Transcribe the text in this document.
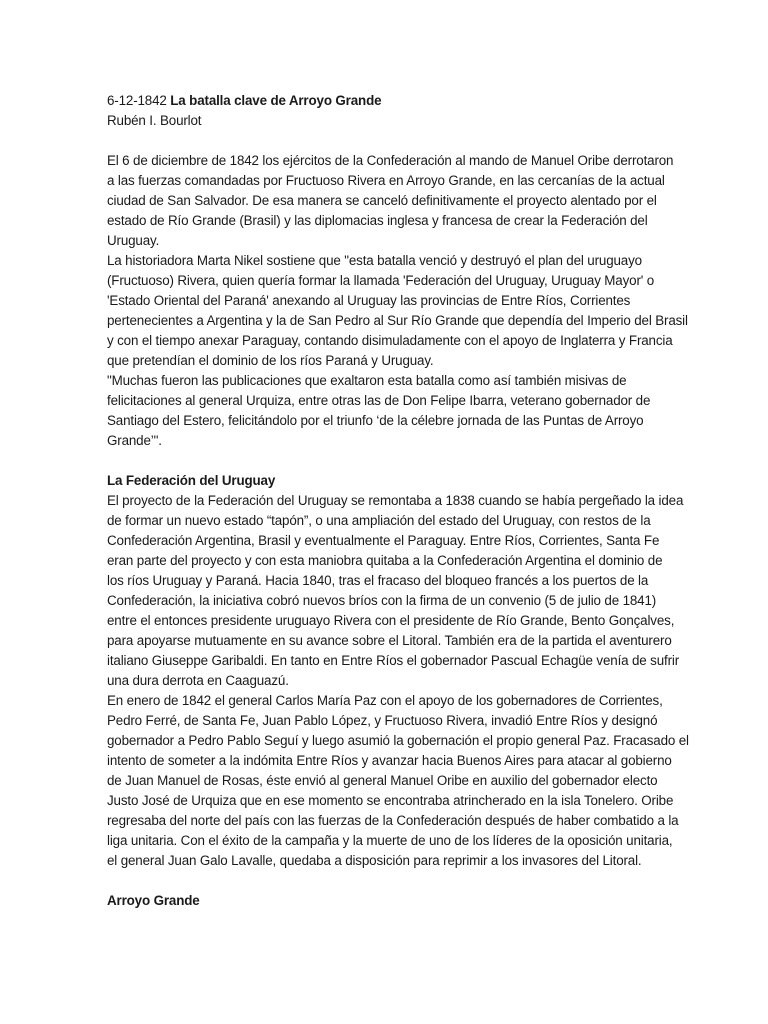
6-12-1842 La batalla clave de Arroyo Grande
Rubén I. Bourlot
El 6 de diciembre de 1842 los ejércitos de la Confederación al mando de Manuel Oribe derrotaron
a las fuerzas comandadas por Fructuoso Rivera en Arroyo Grande, en las cercanías de la actual
ciudad de San Salvador. De esa manera se canceló definitivamente el proyecto alentado por el
estado de Río Grande (Brasil) y las diplomacias inglesa y francesa de crear la Federación del
Uruguay.
La historiadora Marta Nikel sostiene que "esta batalla venció y destruyó el plan del uruguayo
(Fructuoso) Rivera, quien quería formar la llamada 'Federación del Uruguay, Uruguay Mayor' o
'Estado Oriental del Paraná' anexando al Uruguay las provincias de Entre Ríos, Corrientes
pertenecientes a Argentina y la de San Pedro al Sur Río Grande que dependía del Imperio del Brasil
y con el tiempo anexar Paraguay, contando disimuladamente con el apoyo de Inglaterra y Francia
que pretendían el dominio de los ríos Paraná y Uruguay.
"Muchas fueron las publicaciones que exaltaron esta batalla como así también misivas de
felicitaciones al general Urquiza, entre otras las de Don Felipe Ibarra, veterano gobernador de
Santiago del Estero, felicitándolo por el triunfo ‘de la célebre jornada de las Puntas de Arroyo
Grande’".
La Federación del Uruguay
El proyecto de la Federación del Uruguay se remontaba a 1838 cuando se había pergeñado la idea
de formar un nuevo estado “tapón”, o una ampliación del estado del Uruguay, con restos de la
Confederación Argentina, Brasil y eventualmente el Paraguay. Entre Ríos, Corrientes, Santa Fe
eran parte del proyecto y con esta maniobra quitaba a la Confederación Argentina el dominio de
los ríos Uruguay y Paraná. Hacia 1840, tras el fracaso del bloqueo francés a los puertos de la
Confederación, la iniciativa cobró nuevos bríos con la firma de un convenio (5 de julio de 1841)
entre el entonces presidente uruguayo Rivera con el presidente de Río Grande, Bento Gonçalves,
para apoyarse mutuamente en su avance sobre el Litoral. También era de la partida el aventurero
italiano Giuseppe Garibaldi. En tanto en Entre Ríos el gobernador Pascual Echagüe venía de sufrir
una dura derrota en Caaguazú.
En enero de 1842 el general Carlos María Paz con el apoyo de los gobernadores de Corrientes,
Pedro Ferré, de Santa Fe, Juan Pablo López, y Fructuoso Rivera, invadió Entre Ríos y designó
gobernador a Pedro Pablo Seguí y luego asumió la gobernación el propio general Paz. Fracasado el
intento de someter a la indómita Entre Ríos y avanzar hacia Buenos Aires para atacar al gobierno
de Juan Manuel de Rosas, éste envió al general Manuel Oribe en auxilio del gobernador electo
Justo José de Urquiza que en ese momento se encontraba atrincherado en la isla Tonelero. Oribe
regresaba del norte del país con las fuerzas de la Confederación después de haber combatido a la
liga unitaria. Con el éxito de la campaña y la muerte de uno de los líderes de la oposición unitaria,
el general Juan Galo Lavalle, quedaba a disposición para reprimir a los invasores del Litoral.
Arroyo Grande
